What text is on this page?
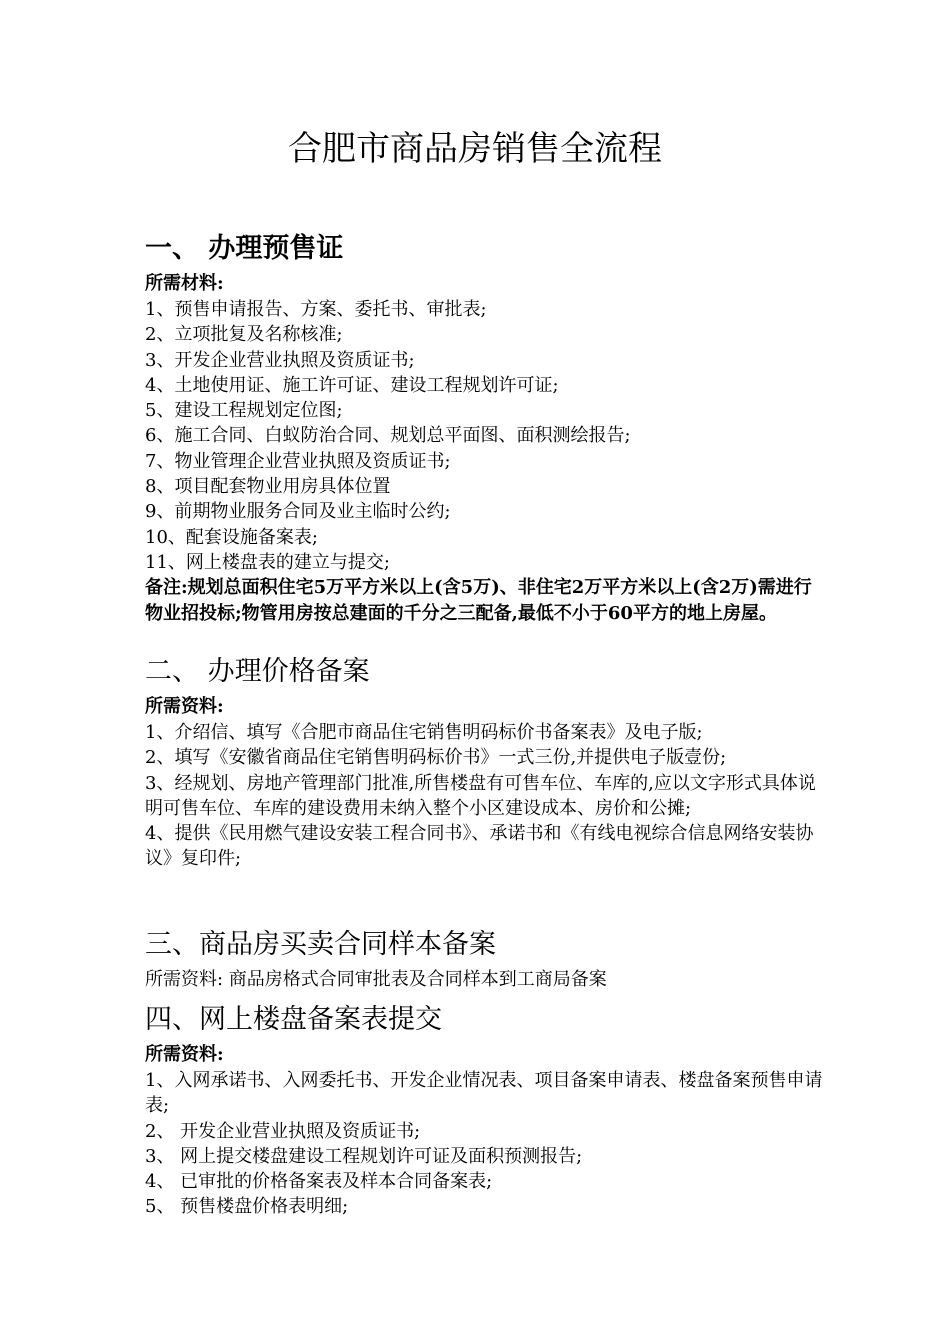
合肥市商品房销售全流程
一、 办理预售证

所需材料:

1、预售申请报告、方案、委托书、审批表;
2、立项批复及名称核准;
3、开发企业营业执照及资质证书;
4、土地使用证、施工许可证、建设工程规划许可证;
5、建设工程规划定位图;
6、施工合同、白蚁防治合同、规划总平面图、面积测绘报告;
7、物业管理企业营业执照及资质证书;
8、项目配套物业用房具体位置
9、前期物业服务合同及业主临时公约;
10、配套设施备案表;
11、网上楼盘表的建立与提交;

备注:规划总面积住宅5万平方米以上(含5万)、非住宅2万平方米以上(含2万)需进行物业招投标;物管用房按总建面的千分之三配备,最低不小于60平方的地上房屋。

二、 办理价格备案

所需资料:

1、介绍信、填写《合肥市商品住宅销售明码标价书备案表》及电子版;
2、填写《安徽省商品住宅销售明码标价书》一式三份,并提供电子版壹份;
3、经规划、房地产管理部门批准,所售楼盘有可售车位、车库的,应以文字形式具体说明可售车位、车库的建设费用未纳入整个小区建设成本、房价和公摊;
4、提供《民用燃气建设安装工程合同书》、承诺书和《有线电视综合信息网络安装协议》复印件;
三、商品房买卖合同样本备案

所需资料: 商品房格式合同审批表及合同样本到工商局备案

四、网上楼盘备案表提交

所需资料:

1、入网承诺书、入网委托书、开发企业情况表、项目备案申请表、楼盘备案预售申请表;
2、 开发企业营业执照及资质证书;
3、 网上提交楼盘建设工程规划许可证及面积预测报告;
4、 已审批的价格备案表及样本合同备案表;
5、 预售楼盘价格表明细;
